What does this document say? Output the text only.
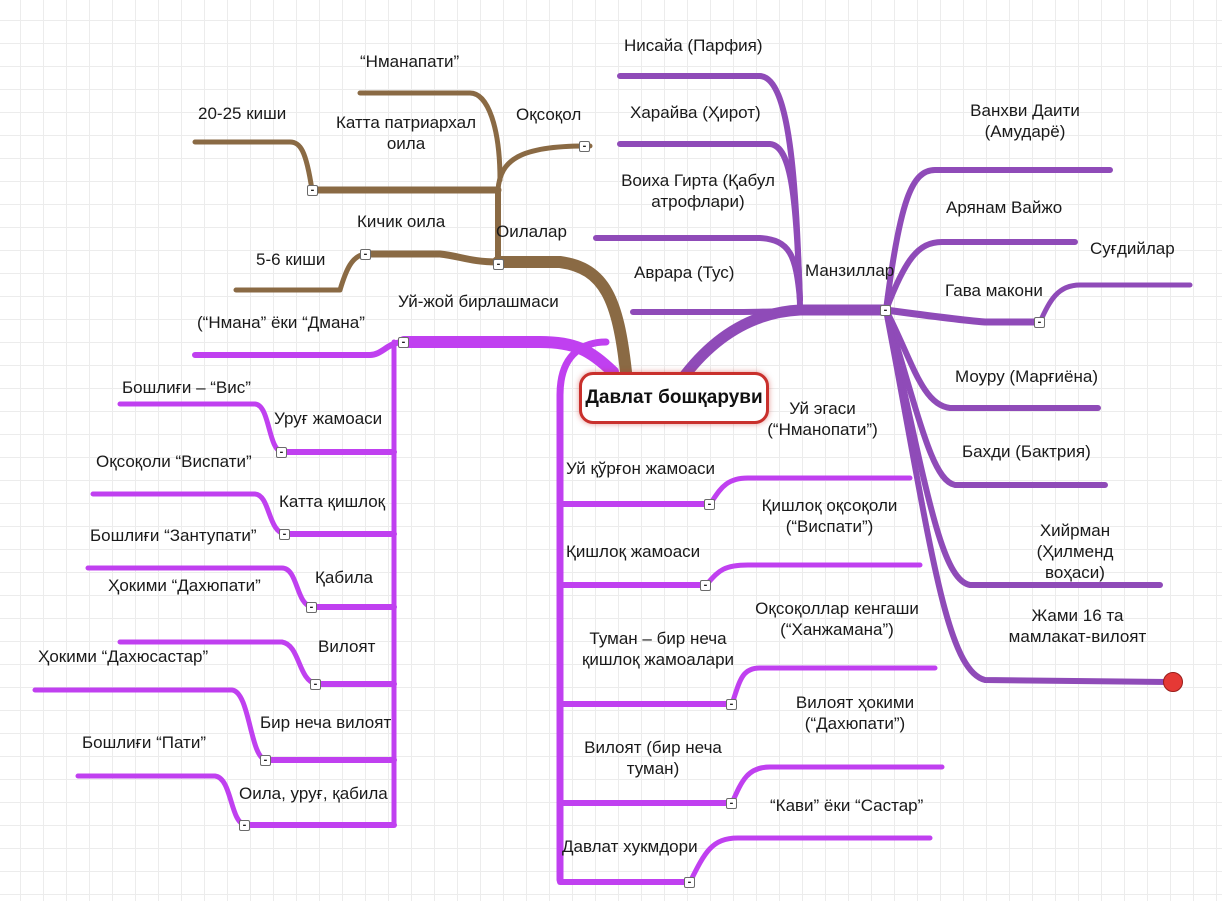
Давлат бошқаруви
Оилалар
Оқсоқол
“Нманапати”
Катта патриархал оила
20-25 киши
Кичик оила
5-6 киши
Манзиллар
Нисайа (Парфия)
Харайва (Ҳирот)
Воиха Гирта (Қабул атрофлари)
Аврара (Тус)
Ванхви Даити (Амударё)
Арянам Вайжо
Гава макони
Суғдийлар
Моуру (Марғиёна)
Бахди (Бактрия)
Хийрман (Ҳилменд воҳаси)
Жами 16 та мамлакат-вилоят
Уй-жой бирлашмаси
(“Нмана” ёки “Дмана”
Уруғ жамоаси
Бошлиғи – “Вис”
Катта қишлоқ
Оқсоқоли “Виспати”
Қабила
Бошлиғи “Зантупати”
Вилоят
Ҳокими “Дахюпати”
Бир неча вилоят
Ҳокими “Дахюсастар”
Оила, уруғ, қабила
Бошлиғи “Пати”
Уй қўрғон жамоаси
Уй эгаси (“Нманопати”)
Қишлоқ жамоаси
Қишлоқ оқсоқоли (“Виспати”)
Туман – бир неча қишлоқ жамоалари
Оқсоқоллар кенгаши (“Ханжамана”)
Вилоят (бир неча туман)
Вилоят ҳокими (“Дахюпати”)
Давлат хукмдори
“Кави” ёки “Састар”
-
-
-
-
-
-
-
-
-
-
-
-
-
-
-
-
-
-
